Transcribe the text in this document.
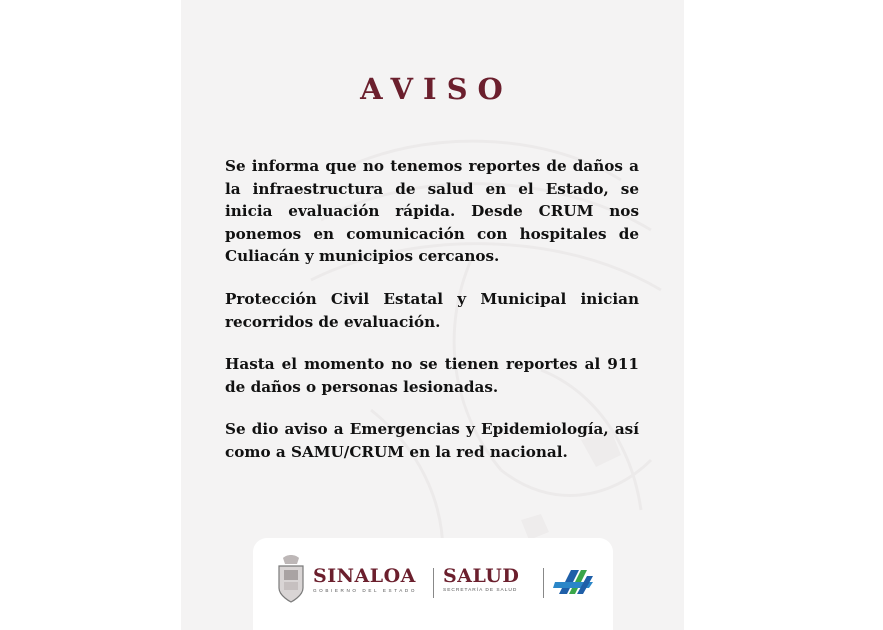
AVISO

Se informa que no tenemos reportes de daños a la infraestructura de salud en el Estado, se inicia evaluación rápida. Desde CRUM nos ponemos en comunicación con hospitales de Culiacán y municipios cercanos.

Protección Civil Estatal y Municipal inician recorridos de evaluación.

Hasta el momento no se tienen reportes al 911 de daños o personas lesionadas.

Se dio aviso a Emergencias y Epidemiología, así como a SAMU/CRUM en la red nacional.

SINALOA
GOBIERNO DEL ESTADO
SALUD
SECRETARÍA DE SALUD
